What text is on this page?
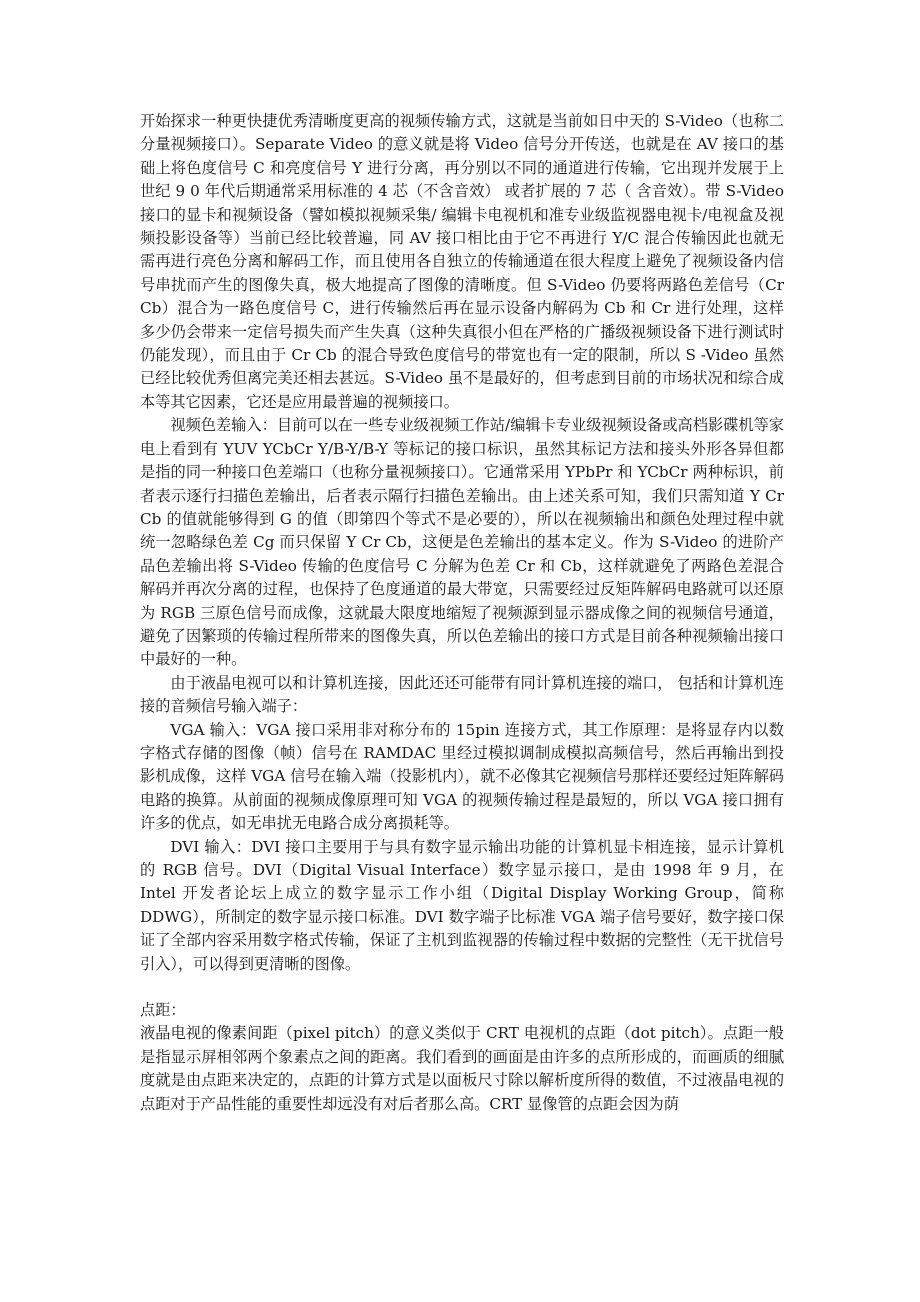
开始探求一种更快捷优秀清晰度更高的视频传输方式，这就是当前如日中天的 S-Video（也称二分量视频接口）。Separate Video 的意义就是将 Video 信号分开传送，也就是在 AV 接口的基础上将色度信号 C 和亮度信号 Y 进行分离，再分别以不同的通道进行传输，它出现并发展于上世纪 9 0 年代后期通常采用标准的 4 芯（不含音效） 或者扩展的 7 芯（ 含音效）。带 S-Video 接口的显卡和视频设备（譬如模拟视频采集/ 编辑卡电视机和准专业级监视器电视卡/电视盒及视频投影设备等）当前已经比较普遍，同 AV 接口相比由于它不再进行 Y/C 混合传输因此也就无需再进行亮色分离和解码工作，而且使用各自独立的传输通道在很大程度上避免了视频设备内信号串扰而产生的图像失真，极大地提高了图像的清晰度。但 S-Video 仍要将两路色差信号（Cr Cb）混合为一路色度信号 C，进行传输然后再在显示设备内解码为 Cb 和 Cr 进行处理，这样多少仍会带来一定信号损失而产生失真（这种失真很小但在严格的广播级视频设备下进行测试时仍能发现），而且由于 Cr Cb 的混合导致色度信号的带宽也有一定的限制，所以 S -Video 虽然已经比较优秀但离完美还相去甚远。S-Video 虽不是最好的，但考虑到目前的市场状况和综合成本等其它因素，它还是应用最普遍的视频接口。

视频色差输入：目前可以在一些专业级视频工作站/编辑卡专业级视频设备或高档影碟机等家电上看到有 YUV YCbCr Y/B-Y/B-Y 等标记的接口标识，虽然其标记方法和接头外形各异但都是指的同一种接口色差端口（也称分量视频接口）。它通常采用 YPbPr 和 YCbCr 两种标识，前者表示逐行扫描色差输出，后者表示隔行扫描色差输出。由上述关系可知，我们只需知道 Y Cr Cb 的值就能够得到 G 的值（即第四个等式不是必要的），所以在视频输出和颜色处理过程中就统一忽略绿色差 Cg 而只保留 Y Cr Cb，这便是色差输出的基本定义。作为 S-Video 的进阶产品色差输出将 S-Video 传输的色度信号 C 分解为色差 Cr 和 Cb，这样就避免了两路色差混合解码并再次分离的过程，也保持了色度通道的最大带宽，只需要经过反矩阵解码电路就可以还原为 RGB 三原色信号而成像，这就最大限度地缩短了视频源到显示器成像之间的视频信号通道，避免了因繁琐的传输过程所带来的图像失真，所以色差输出的接口方式是目前各种视频输出接口中最好的一种。

由于液晶电视可以和计算机连接，因此还还可能带有同计算机连接的端口， 包括和计算机连接的音频信号输入端子：

VGA 输入：VGA 接口采用非对称分布的 15pin 连接方式，其工作原理：是将显存内以数字格式存储的图像（帧）信号在 RAMDAC 里经过模拟调制成模拟高频信号，然后再输出到投影机成像，这样 VGA 信号在输入端（投影机内），就不必像其它视频信号那样还要经过矩阵解码电路的换算。从前面的视频成像原理可知 VGA 的视频传输过程是最短的，所以 VGA 接口拥有许多的优点，如无串扰无电路合成分离损耗等。

DVI 输入：DVI 接口主要用于与具有数字显示输出功能的计算机显卡相连接，显示计算机的 RGB 信号。DVI（Digital Visual Interface）数字显示接口，是由 1998 年 9 月，在 Intel 开发者论坛上成立的数字显示工作小组（Digital Display Working Group，简称 DDWG），所制定的数字显示接口标准。DVI 数字端子比标准 VGA 端子信号要好，数字接口保证了全部内容采用数字格式传输，保证了主机到监视器的传输过程中数据的完整性（无干扰信号引入），可以得到更清晰的图像。

点距：

液晶电视的像素间距（pixel pitch）的意义类似于 CRT 电视机的点距（dot pitch）。点距一般是指显示屏相邻两个象素点之间的距离。我们看到的画面是由许多的点所形成的，而画质的细腻度就是由点距来决定的，点距的计算方式是以面板尺寸除以解析度所得的数值，不过液晶电视的点距对于产品性能的重要性却远没有对后者那么高。CRT 显像管的点距会因为荫
